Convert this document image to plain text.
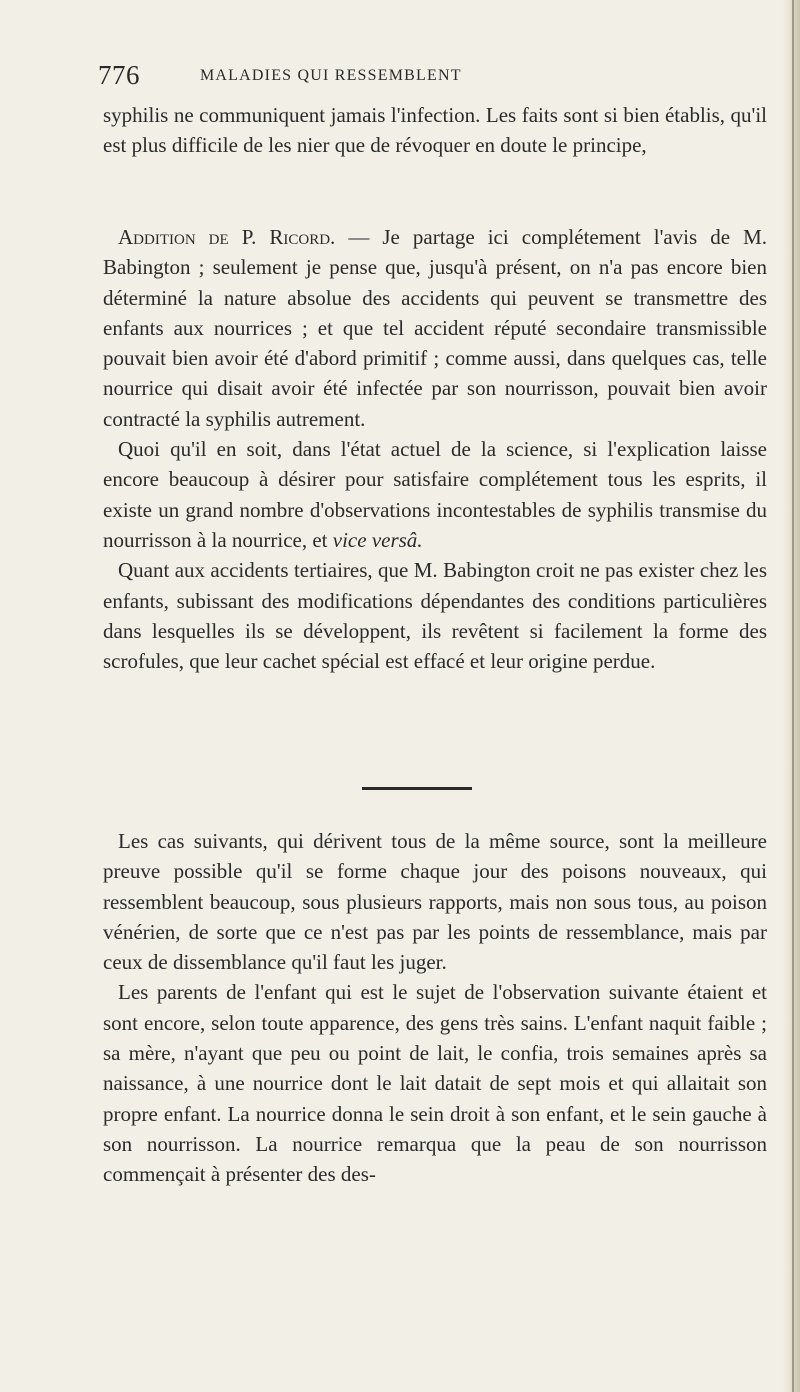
776	MALADIES QUI RESSEMBLENT

syphilis ne communiquent jamais l'infection. Les faits sont si bien établis, qu'il est plus difficile de les nier que de révoquer en doute le principe,

Addition de P. Ricord. — Je partage ici complétement l'avis de M. Babington ; seulement je pense que, jusqu'à présent, on n'a pas encore bien déterminé la nature absolue des accidents qui peuvent se transmettre des enfants aux nourrices ; et que tel accident réputé secondaire transmissible pouvait bien avoir été d'abord primitif ; comme aussi, dans quelques cas, telle nourrice qui disait avoir été infectée par son nourrisson, pouvait bien avoir contracté la syphilis autrement.

Quoi qu'il en soit, dans l'état actuel de la science, si l'explication laisse encore beaucoup à désirer pour satisfaire complétement tous les esprits, il existe un grand nombre d'observations incontestables de syphilis transmise du nourrisson à la nourrice, et vice versâ.

Quant aux accidents tertiaires, que M. Babington croit ne pas exister chez les enfants, subissant des modifications dépendantes des conditions particulières dans lesquelles ils se développent, ils revêtent si facilement la forme des scrofules, que leur cachet spécial est effacé et leur origine perdue.

Les cas suivants, qui dérivent tous de la même source, sont la meilleure preuve possible qu'il se forme chaque jour des poisons nouveaux, qui ressemblent beaucoup, sous plusieurs rapports, mais non sous tous, au poison vénérien, de sorte que ce n'est pas par les points de ressemblance, mais par ceux de dissemblance qu'il faut les juger.

Les parents de l'enfant qui est le sujet de l'observation suivante étaient et sont encore, selon toute apparence, des gens très sains. L'enfant naquit faible ; sa mère, n'ayant que peu ou point de lait, le confia, trois semaines après sa naissance, à une nourrice dont le lait datait de sept mois et qui allaitait son propre enfant. La nourrice donna le sein droit à son enfant, et le sein gauche à son nourrisson. La nourrice remarqua que la peau de son nourrisson commençait à présenter des des-
